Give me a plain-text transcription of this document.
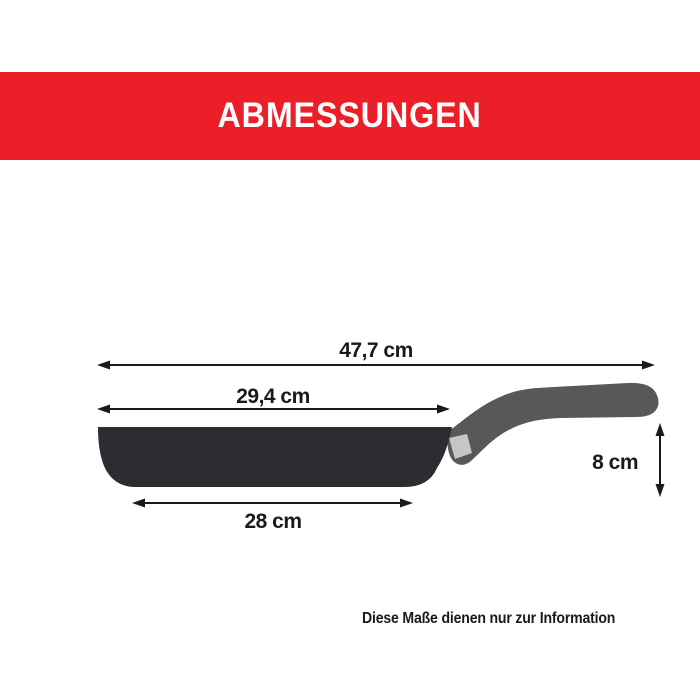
ABMESSUNGEN
47,7 cm
29,4 cm
28 cm
8 cm

Diese Maße dienen nur zur Information
